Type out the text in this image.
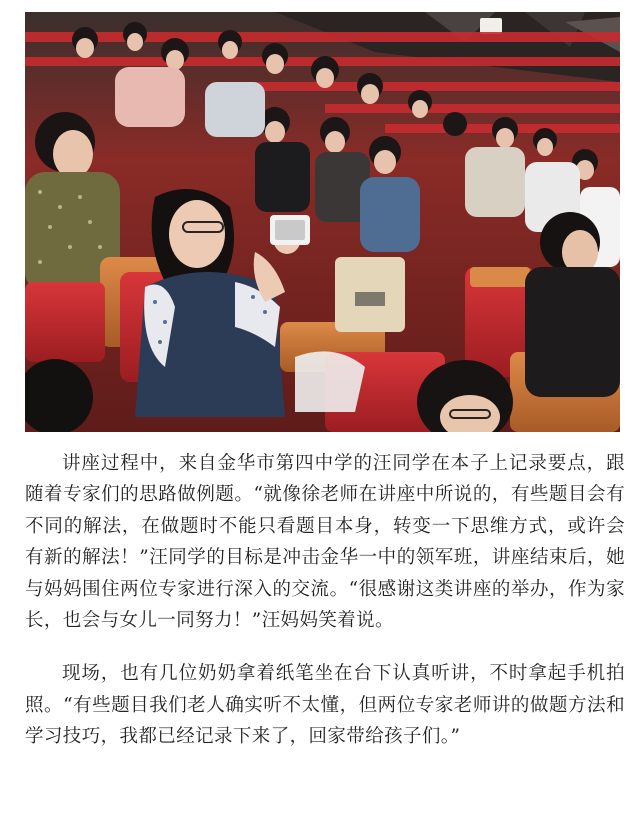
讲座过程中，来自金华市第四中学的汪同学在本子上记录要点，跟随着专家们的思路做例题。“就像徐老师在讲座中所说的，有些题目会有不同的解法，在做题时不能只看题目本身，转变一下思维方式，或许会有新的解法！”汪同学的目标是冲击金华一中的领军班，讲座结束后，她与妈妈围住两位专家进行深入的交流。“很感谢这类讲座的举办，作为家长，也会与女儿一同努力！”汪妈妈笑着说。

现场，也有几位奶奶拿着纸笔坐在台下认真听讲，不时拿起手机拍照。“有些题目我们老人确实听不太懂，但两位专家老师讲的做题方法和学习技巧，我都已经记录下来了，回家带给孩子们。”
